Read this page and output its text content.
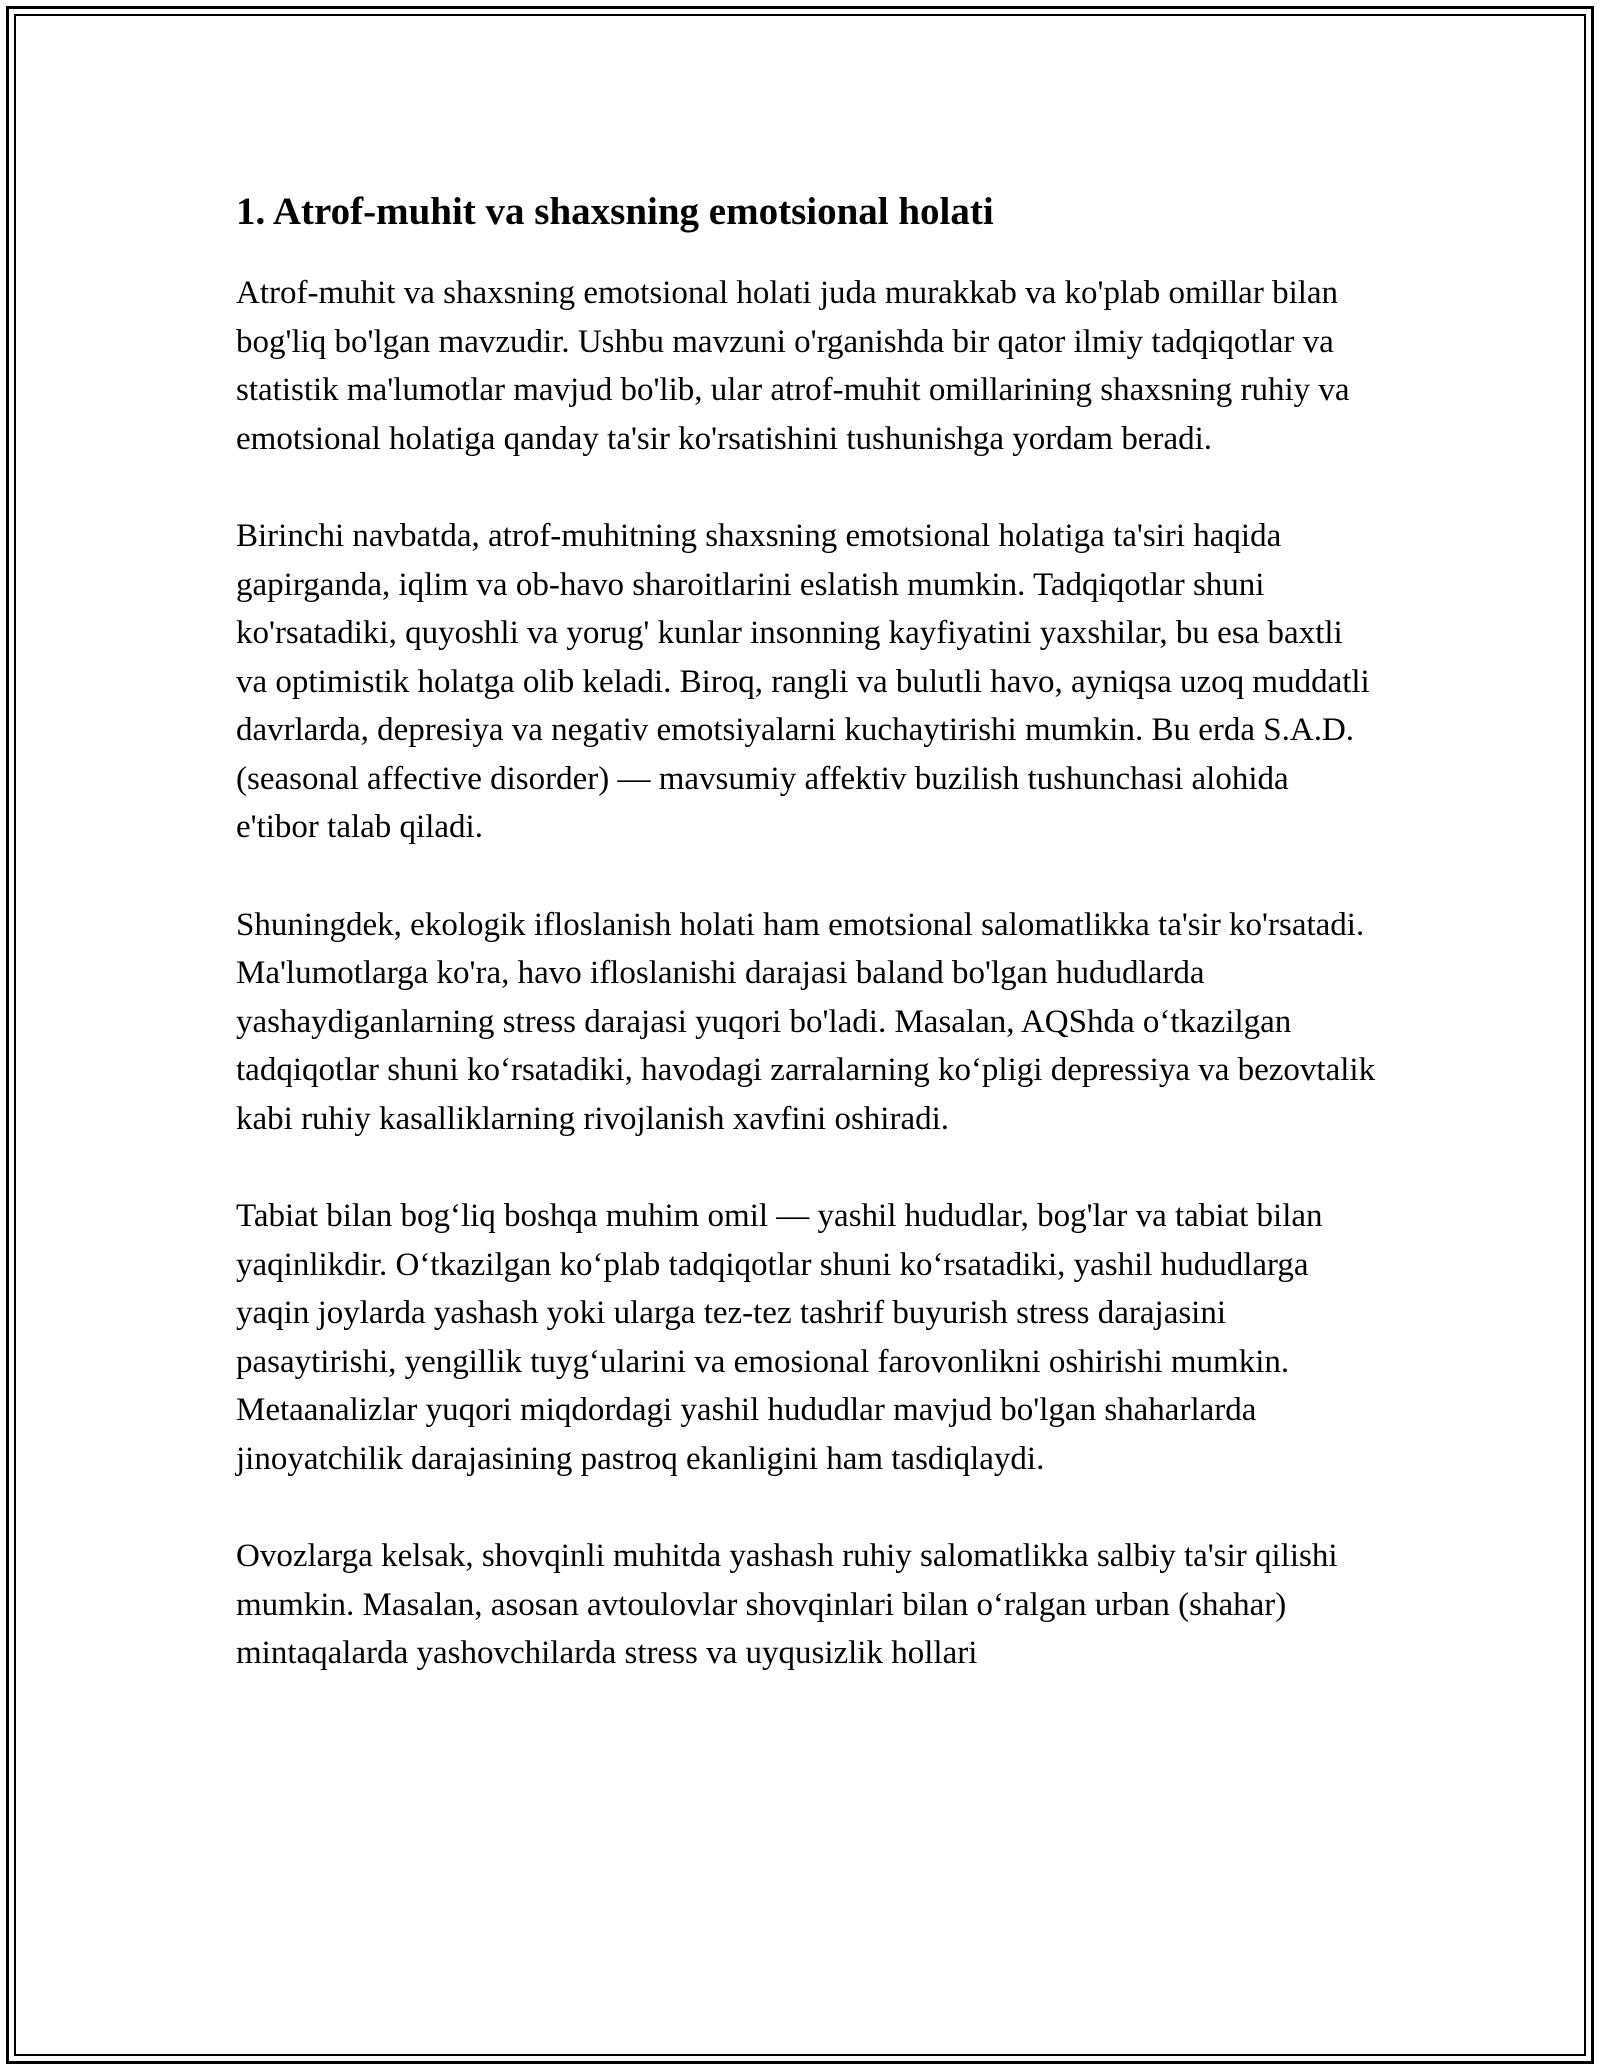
1. Atrof-muhit va shaxsning emotsional holati

Atrof-muhit va shaxsning emotsional holati juda murakkab va ko'plab omillar bilan bog'liq bo'lgan mavzudir. Ushbu mavzuni o'rganishda bir qator ilmiy tadqiqotlar va statistik ma'lumotlar mavjud bo'lib, ular atrof-muhit omillarining shaxsning ruhiy va emotsional holatiga qanday ta'sir ko'rsatishini tushunishga yordam beradi.

Birinchi navbatda, atrof-muhitning shaxsning emotsional holatiga ta'siri haqida gapirganda, iqlim va ob-havo sharoitlarini eslatish mumkin. Tadqiqotlar shuni ko'rsatadiki, quyoshli va yorug' kunlar insonning kayfiyatini yaxshilar, bu esa baxtli va optimistik holatga olib keladi. Biroq, rangli va bulutli havo, ayniqsa uzoq muddatli davrlarda, depresiya va negativ emotsiyalarni kuchaytirishi mumkin. Bu erda S.A.D. (seasonal affective disorder) — mavsumiy affektiv buzilish tushunchasi alohida e'tibor talab qiladi.

Shuningdek, ekologik ifloslanish holati ham emotsional salomatlikka ta'sir ko'rsatadi. Ma'lumotlarga ko'ra, havo ifloslanishi darajasi baland bo'lgan hududlarda yashaydiganlarning stress darajasi yuqori bo'ladi. Masalan, AQShda oʻtkazilgan tadqiqotlar shuni koʻrsatadiki, havodagi zarralarning koʻpligi depressiya va bezovtalik kabi ruhiy kasalliklarning rivojlanish xavfini oshiradi.

Tabiat bilan bogʻliq boshqa muhim omil — yashil hududlar, bog'lar va tabiat bilan yaqinlikdir. Oʻtkazilgan koʻplab tadqiqotlar shuni koʻrsatadiki, yashil hududlarga yaqin joylarda yashash yoki ularga tez-tez tashrif buyurish stress darajasini pasaytirishi, yengillik tuygʻularini va emosional farovonlikni oshirishi mumkin. Metaanalizlar yuqori miqdordagi yashil hududlar mavjud bo'lgan shaharlarda jinoyatchilik darajasining pastroq ekanligini ham tasdiqlaydi.

Ovozlarga kelsak, shovqinli muhitda yashash ruhiy salomatlikka salbiy ta'sir qilishi mumkin. Masalan, asosan avtoulovlar shovqinlari bilan oʻralgan urban (shahar) mintaqalarda yashovchilarda stress va uyqusizlik hollari
